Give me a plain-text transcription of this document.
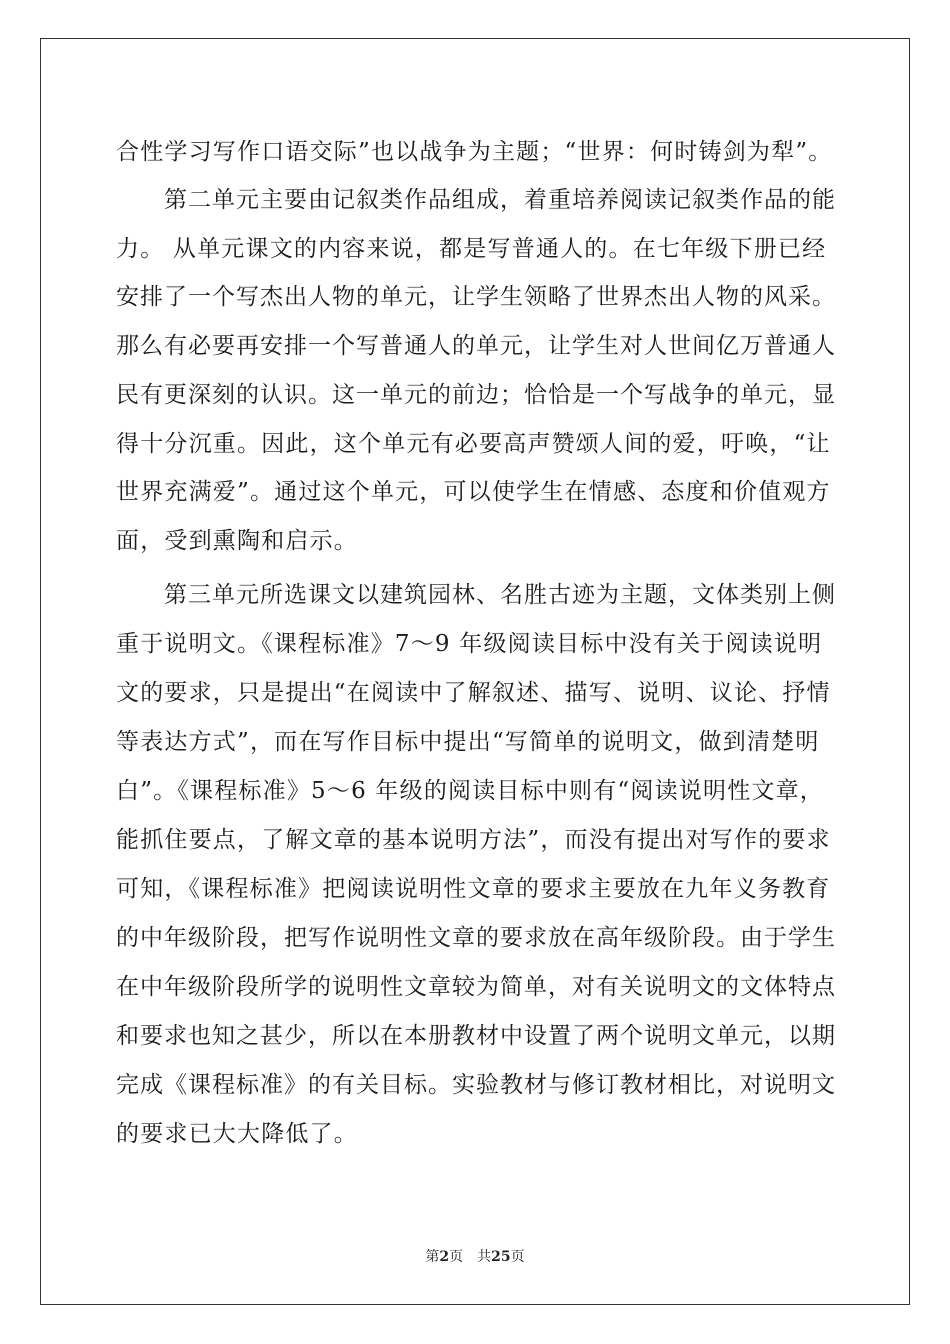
合性学习写作口语交际”也以战争为主题；“世界：何时铸剑为犁”。
　　第二单元主要由记叙类作品组成，着重培养阅读记叙类作品的能
力。 从单元课文的内容来说，都是写普通人的。在七年级下册已经
安排了一个写杰出人物的单元，让学生领略了世界杰出人物的风采。
那么有必要再安排一个写普通人的单元，让学生对人世间亿万普通人
民有更深刻的认识。这一单元的前边；恰恰是一个写战争的单元，显
得十分沉重。因此，这个单元有必要高声赞颂人间的爱，吁唤，“让
世界充满爱”。通过这个单元，可以使学生在情感、态度和价值观方
面，受到熏陶和启示。
　　第三单元所选课文以建筑园林、名胜古迹为主题，文体类别上侧
重于说明文。《课程标准》7～9 年级阅读目标中没有关于阅读说明
文的要求，只是提出“在阅读中了解叙述、描写、说明、议论、抒情
等表达方式”，而在写作目标中提出“写简单的说明文，做到清楚明
白”。《课程标准》5～6 年级的阅读目标中则有“阅读说明性文章，
能抓住要点，了解文章的基本说明方法”，而没有提出对写作的要求
可知，《课程标准》把阅读说明性文章的要求主要放在九年义务教育
的中年级阶段，把写作说明性文章的要求放在高年级阶段。由于学生
在中年级阶段所学的说明性文章较为简单，对有关说明文的文体特点
和要求也知之甚少，所以在本册教材中设置了两个说明文单元，以期
完成《课程标准》的有关目标。实验教材与修订教材相比，对说明文
的要求已大大降低了。
第2页 共25页
